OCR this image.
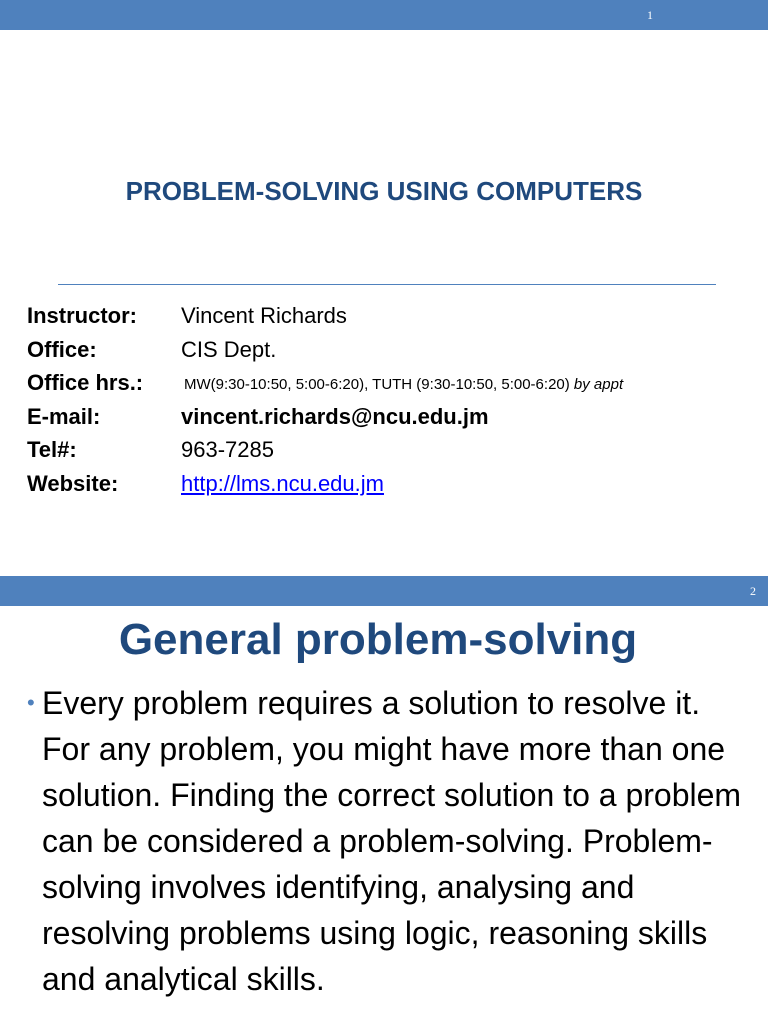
1
PROBLEM-SOLVING USING COMPUTERS
Instructor: Vincent Richards
Office:	CIS Dept.
Office hrs.:	MW(9:30-10:50, 5:00-6:20), TUTH (9:30-10:50, 5:00-6:20) by appt
E-mail:	vincent.richards@ncu.edu.jm
Tel#:	963-7285
Website:	http://lms.ncu.edu.jm
2
General problem-solving
• Every problem requires a solution to resolve it. For any problem, you might have more than one solution. Finding the correct solution to a problem can be considered a problem-solving. Problem-solving involves identifying, analysing and resolving problems using logic, reasoning skills and analytical skills.
